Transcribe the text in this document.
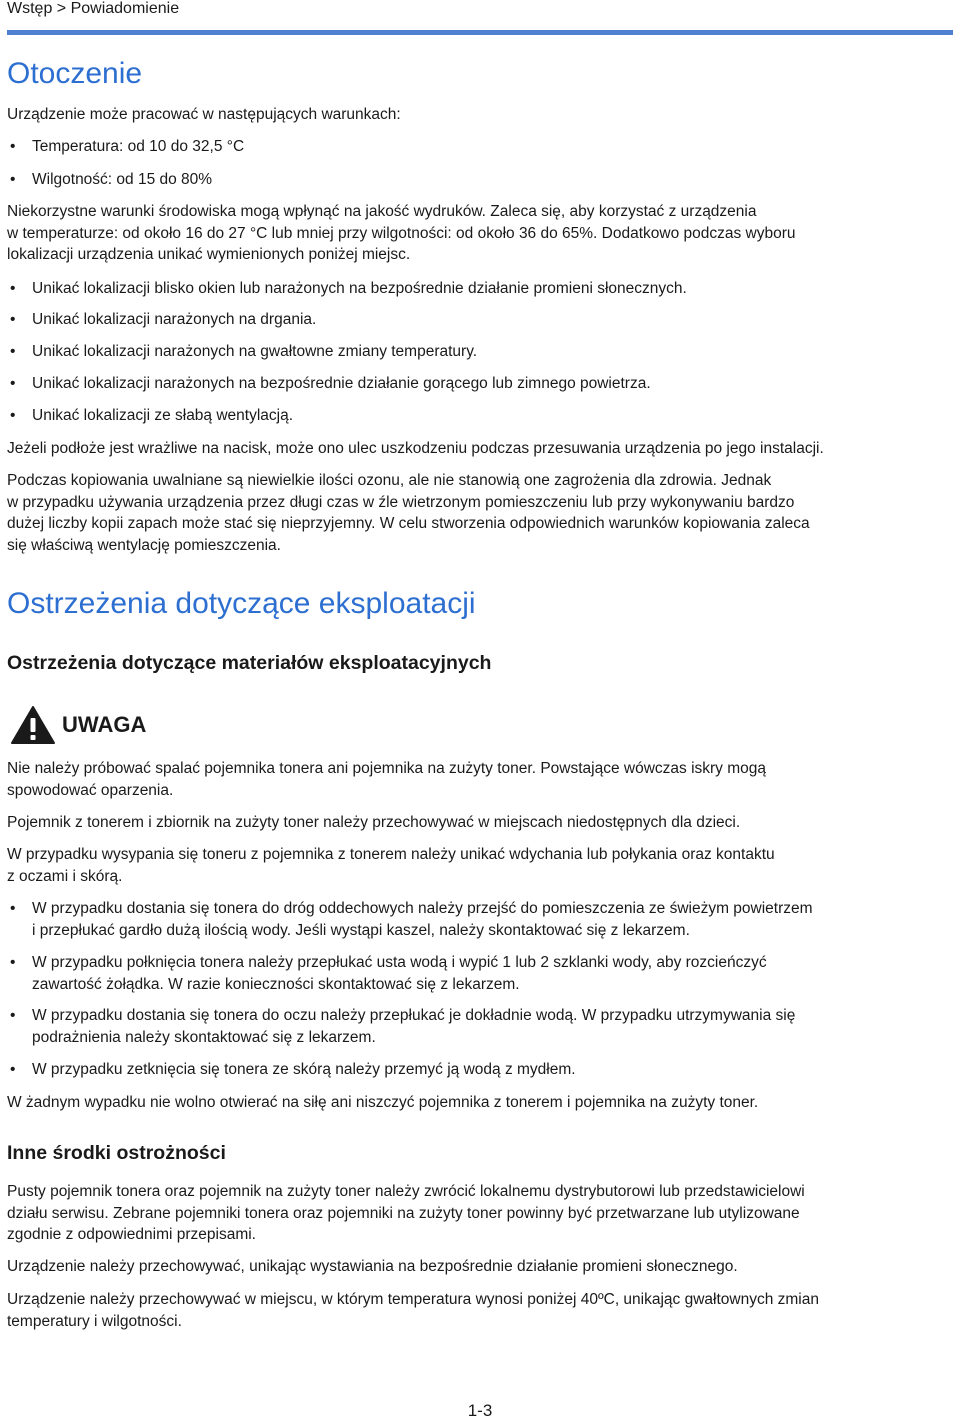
Wstęp > Powiadomienie
Otoczenie

Urządzenie może pracować w następujących warunkach:

• Temperatura: od 10 do 32,5 °C
• Wilgotność: od 15 do 80%

Niekorzystne warunki środowiska mogą wpłynąć na jakość wydruków. Zaleca się, aby korzystać z urządzenia
w temperaturze: od około 16 do 27 °C lub mniej przy wilgotności: od około 36 do 65%. Dodatkowo podczas wyboru
lokalizacji urządzenia unikać wymienionych poniżej miejsc.

• Unikać lokalizacji blisko okien lub narażonych na bezpośrednie działanie promieni słonecznych.
• Unikać lokalizacji narażonych na drgania.
• Unikać lokalizacji narażonych na gwałtowne zmiany temperatury.
• Unikać lokalizacji narażonych na bezpośrednie działanie gorącego lub zimnego powietrza.
• Unikać lokalizacji ze słabą wentylacją.

Jeżeli podłoże jest wrażliwe na nacisk, może ono ulec uszkodzeniu podczas przesuwania urządzenia po jego instalacji.

Podczas kopiowania uwalniane są niewielkie ilości ozonu, ale nie stanowią one zagrożenia dla zdrowia. Jednak
w przypadku używania urządzenia przez długi czas w źle wietrzonym pomieszczeniu lub przy wykonywaniu bardzo
dużej liczby kopii zapach może stać się nieprzyjemny. W celu stworzenia odpowiednich warunków kopiowania zaleca
się właściwą wentylację pomieszczenia.

Ostrzeżenia dotyczące eksploatacji
Ostrzeżenia dotyczące materiałów eksploatacyjnych
UWAGA

Nie należy próbować spalać pojemnika tonera ani pojemnika na zużyty toner. Powstające wówczas iskry mogą
spowodować oparzenia.

Pojemnik z tonerem i zbiornik na zużyty toner należy przechowywać w miejscach niedostępnych dla dzieci.

W przypadku wysypania się toneru z pojemnika z tonerem należy unikać wdychania lub połykania oraz kontaktu
z oczami i skórą.

• W przypadku dostania się tonera do dróg oddechowych należy przejść do pomieszczenia ze świeżym powietrzem
i przepłukać gardło dużą ilością wody. Jeśli wystąpi kaszel, należy skontaktować się z lekarzem.
• W przypadku połknięcia tonera należy przepłukać usta wodą i wypić 1 lub 2 szklanki wody, aby rozcieńczyć
zawartość żołądka. W razie konieczności skontaktować się z lekarzem.
• W przypadku dostania się tonera do oczu należy przepłukać je dokładnie wodą. W przypadku utrzymywania się
podrażnienia należy skontaktować się z lekarzem.
• W przypadku zetknięcia się tonera ze skórą należy przemyć ją wodą z mydłem.

W żadnym wypadku nie wolno otwierać na siłę ani niszczyć pojemnika z tonerem i pojemnika na zużyty toner.

Inne środki ostrożności

Pusty pojemnik tonera oraz pojemnik na zużyty toner należy zwrócić lokalnemu dystrybutorowi lub przedstawicielowi
działu serwisu. Zebrane pojemniki tonera oraz pojemniki na zużyty toner powinny być przetwarzane lub utylizowane
zgodnie z odpowiednimi przepisami.

Urządzenie należy przechowywać, unikając wystawiania na bezpośrednie działanie promieni słonecznego.

Urządzenie należy przechowywać w miejscu, w którym temperatura wynosi poniżej 40ºC, unikając gwałtownych zmian
temperatury i wilgotności.

1-3
